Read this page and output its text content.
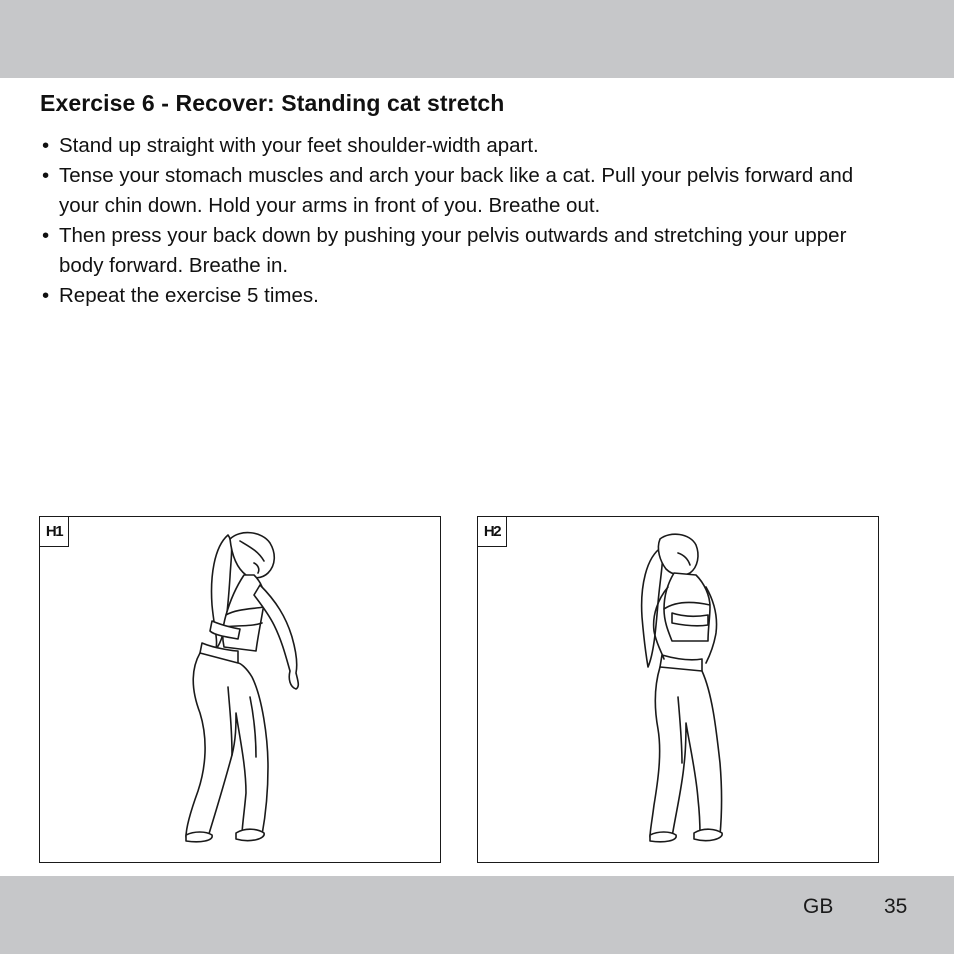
Exercise 6 - Recover: Standing cat stretch
• Stand up straight with your feet shoulder-width apart.
• Tense your stomach muscles and arch your back like a cat. Pull your pelvis forward and your chin down. Hold your arms in front of you. Breathe out.
• Then press your back down by pushing your pelvis outwards and stretching your upper body forward. Breathe in.
• Repeat the exercise 5 times.
H1	H2
GB 35
